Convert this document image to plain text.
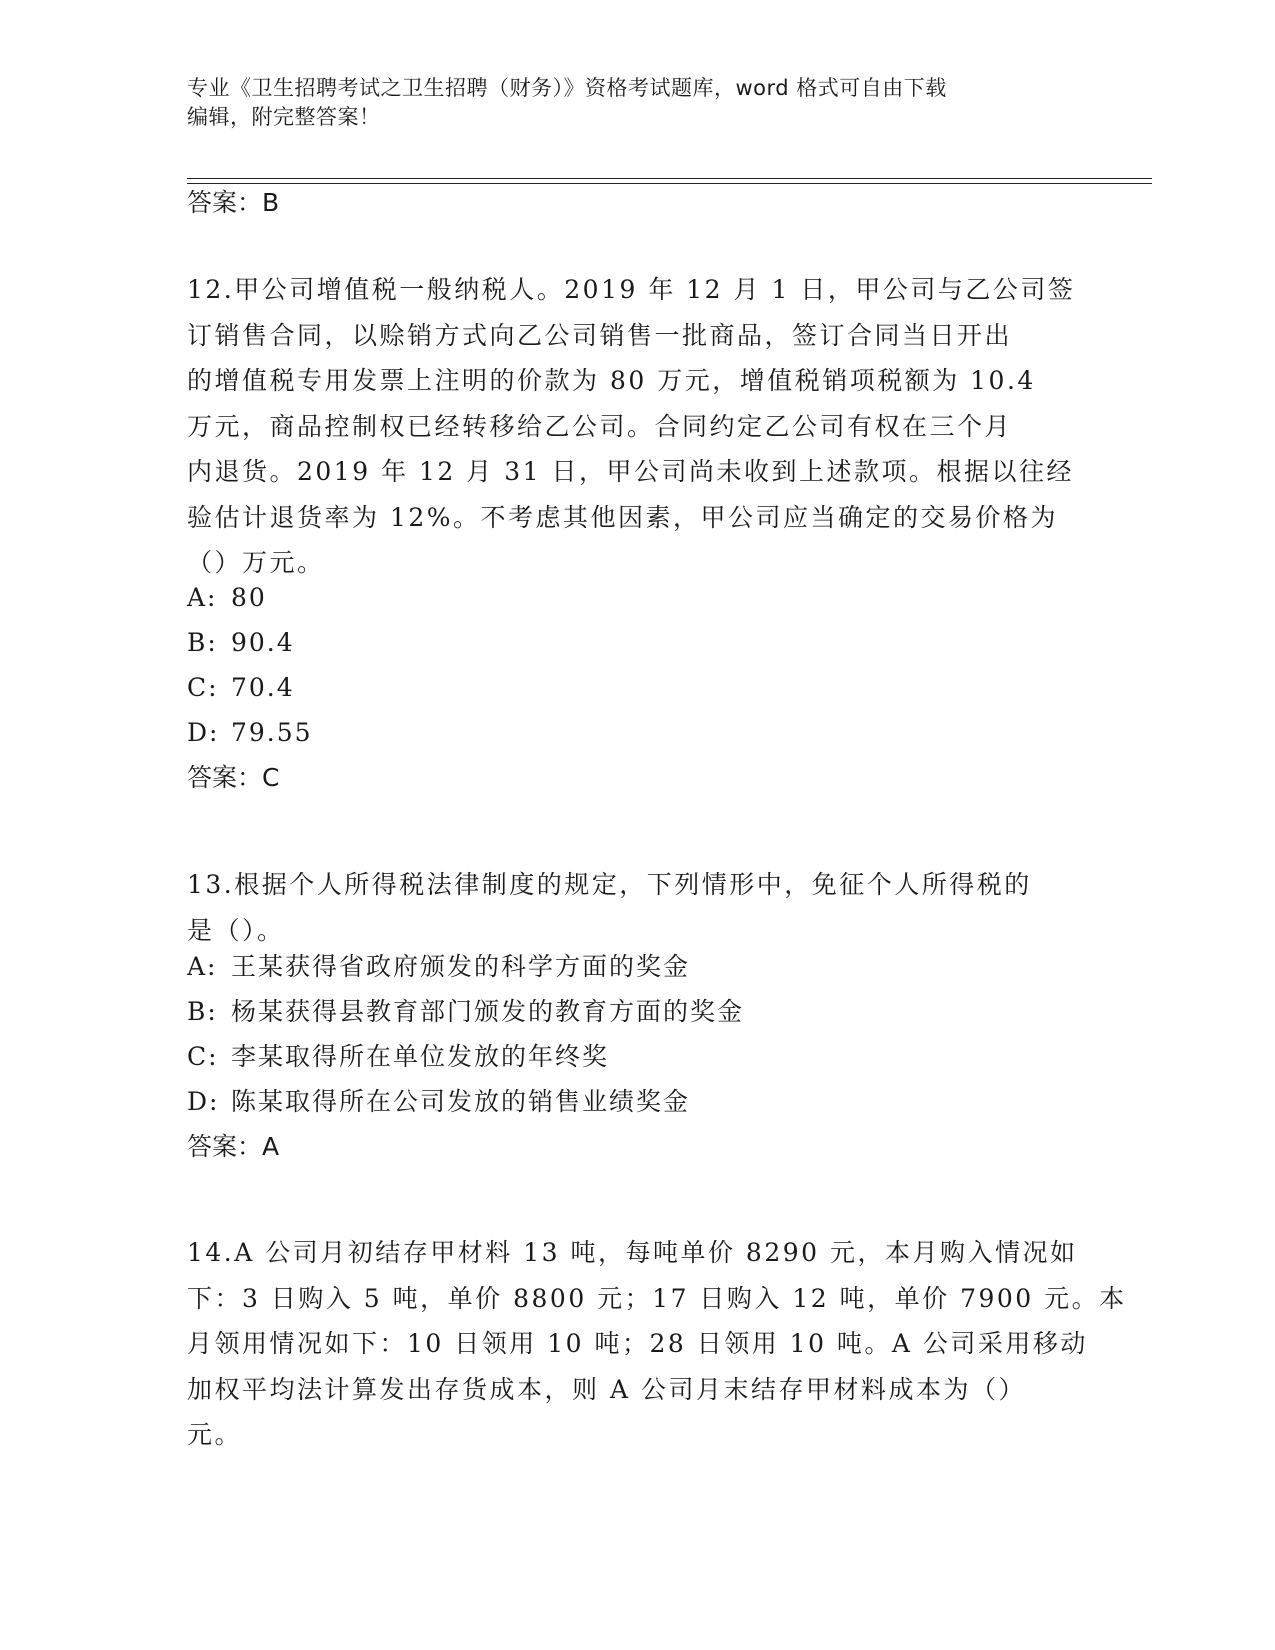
专业《卫生招聘考试之卫生招聘（财务）》资格考试题库，word 格式可自由下载
编辑，附完整答案！
答案：B
12.甲公司增值税一般纳税人。2019 年 12 月 1 日，甲公司与乙公司签
订销售合同，以赊销方式向乙公司销售一批商品，签订合同当日开出
的增值税专用发票上注明的价款为 80 万元，增值税销项税额为 10.4
万元，商品控制权已经转移给乙公司。合同约定乙公司有权在三个月
内退货。2019 年 12 月 31 日，甲公司尚未收到上述款项。根据以往经
验估计退货率为 12%。不考虑其他因素，甲公司应当确定的交易价格为
（）万元。
A: 80
B: 90.4
C: 70.4
D: 79.55
答案：C
13.根据个人所得税法律制度的规定，下列情形中，免征个人所得税的
是（）。
A: 王某获得省政府颁发的科学方面的奖金
B: 杨某获得县教育部门颁发的教育方面的奖金
C: 李某取得所在单位发放的年终奖
D: 陈某取得所在公司发放的销售业绩奖金
答案：A
14.A 公司月初结存甲材料 13 吨，每吨单价 8290 元，本月购入情况如
下：3 日购入 5 吨，单价 8800 元；17 日购入 12 吨，单价 7900 元。本
月领用情况如下：10 日领用 10 吨；28 日领用 10 吨。A 公司采用移动
加权平均法计算发出存货成本，则 A 公司月末结存甲材料成本为（）
元。
